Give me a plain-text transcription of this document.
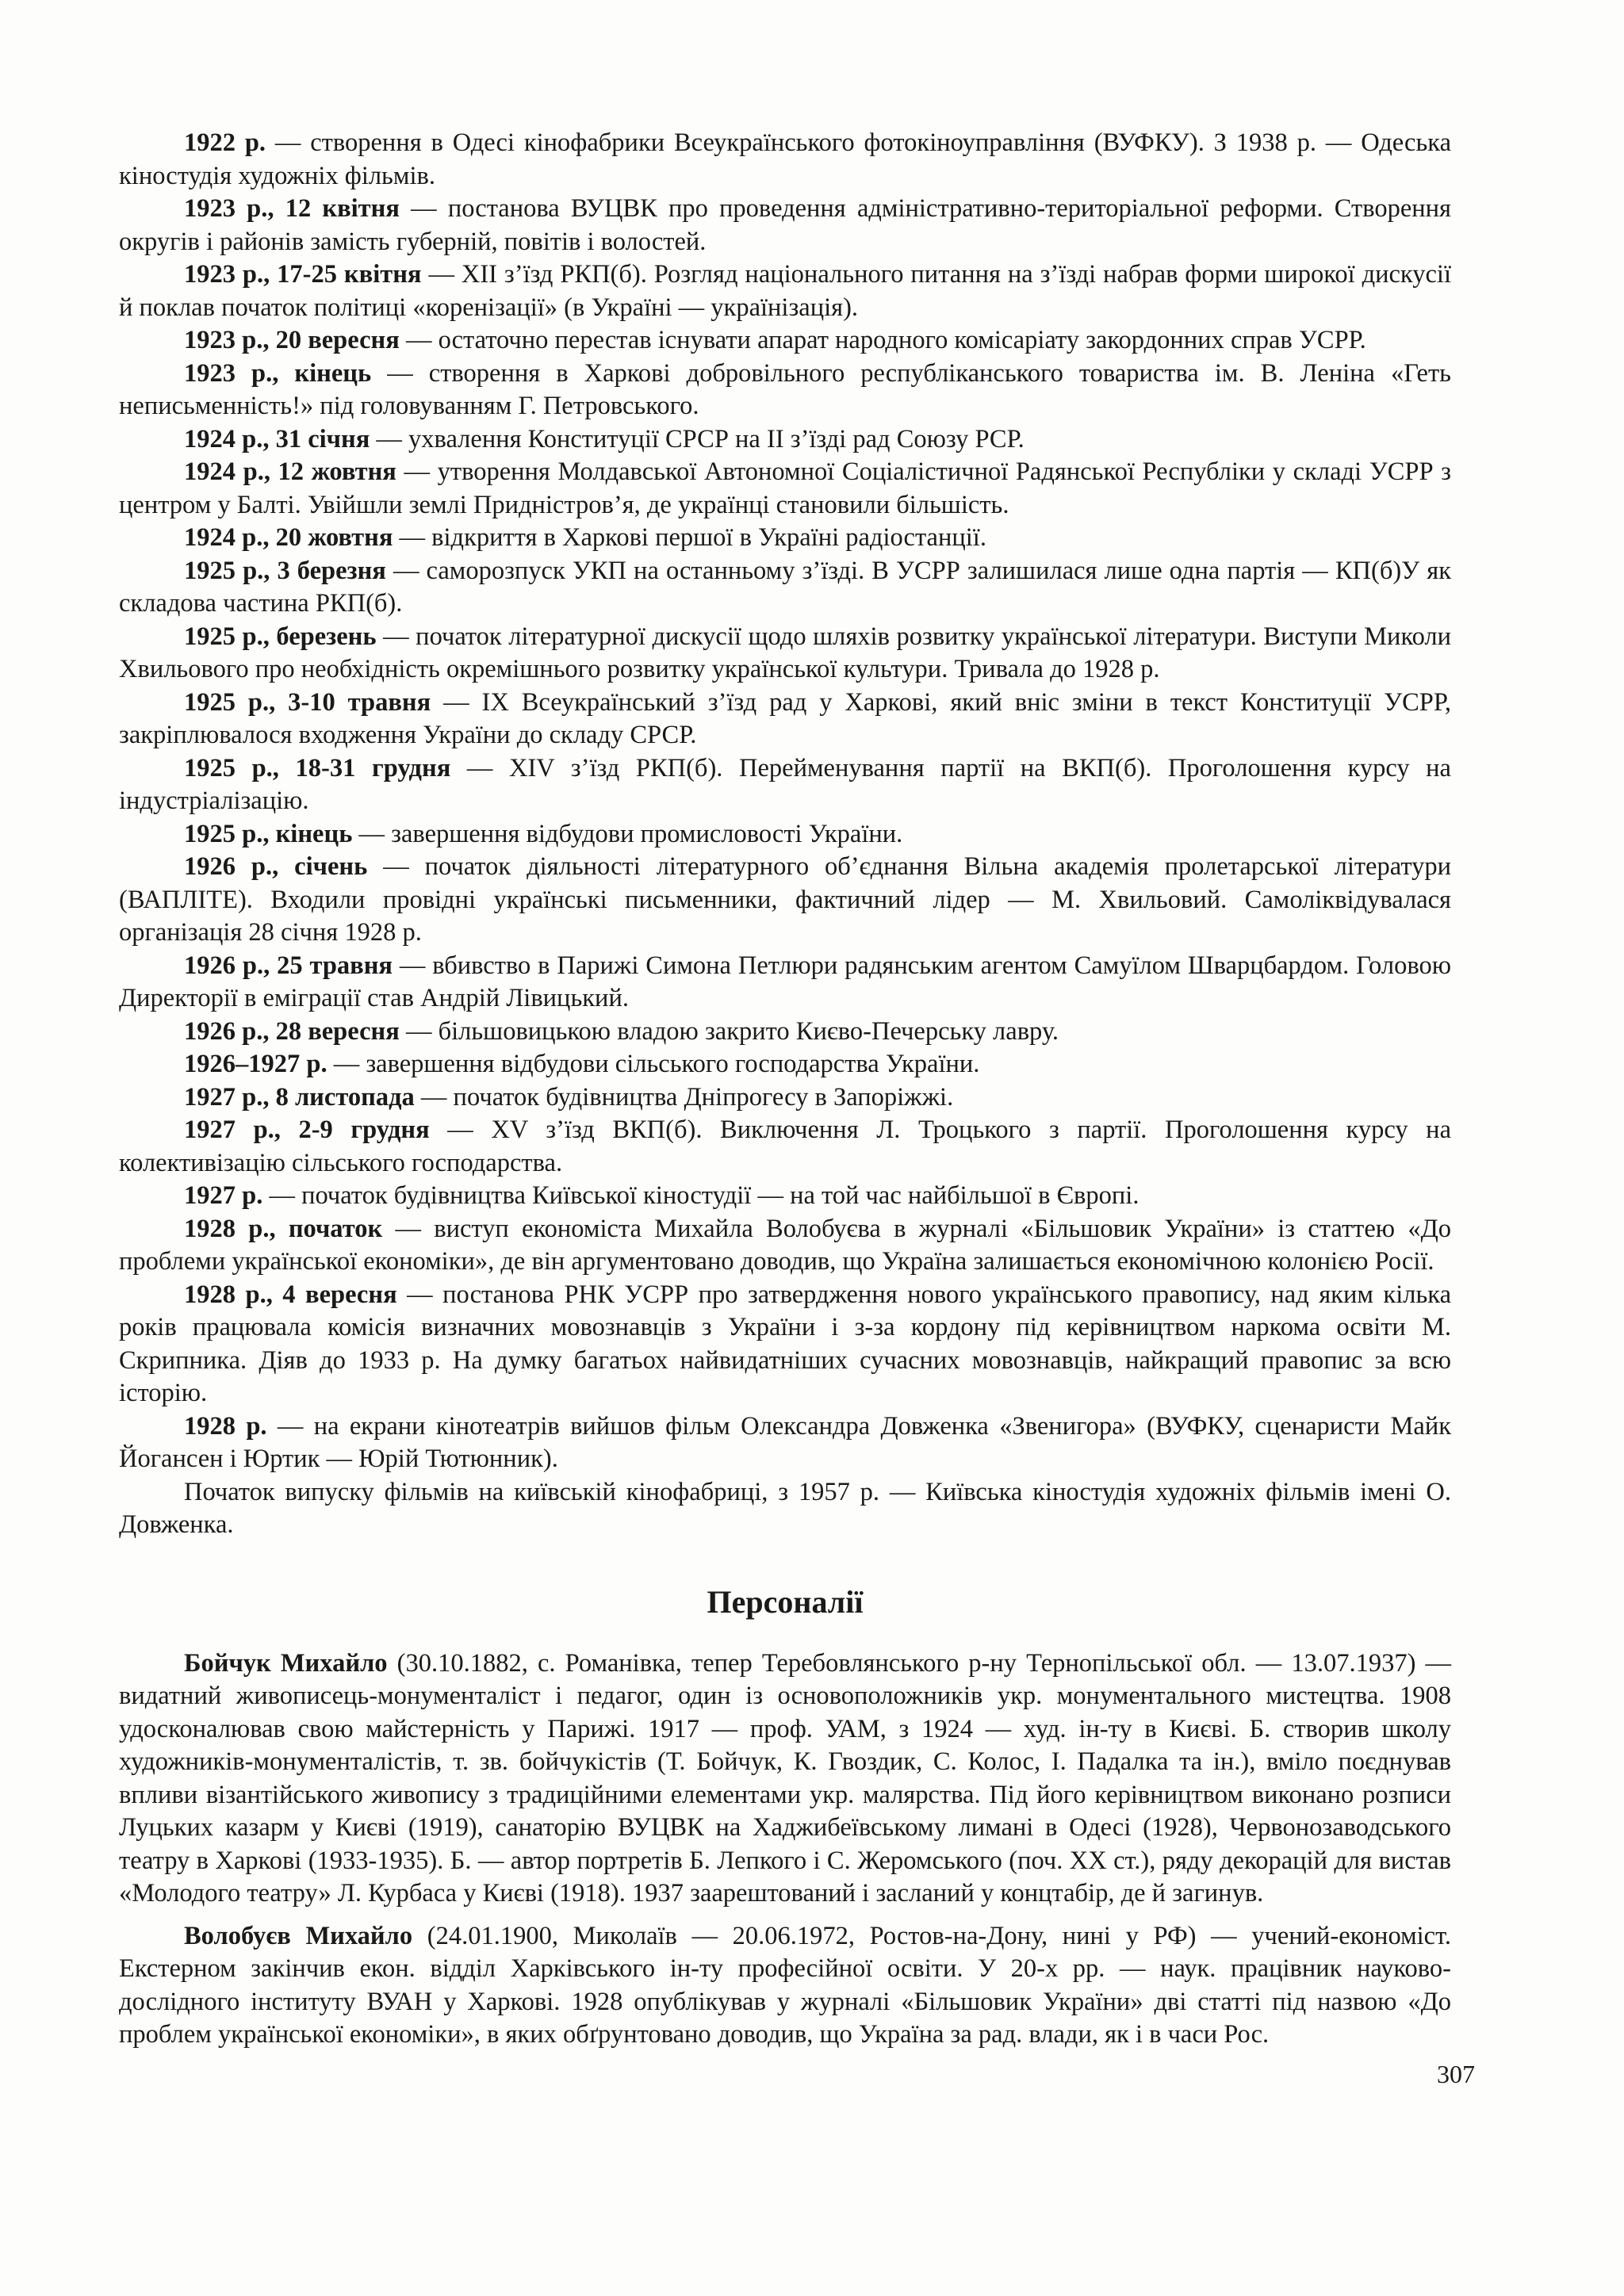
1922 р. — створення в Одесі кінофабрики Всеукраїнського фотокіноуправління (ВУФКУ). З 1938 р. — Одеська кіностудія художніх фільмів.

1923 р., 12 квітня — постанова ВУЦВК про проведення адміністративно-територіальної реформи. Створення округів і районів замість губерній, повітів і волостей.

1923 р., 17-25 квітня — XII з’їзд РКП(б). Розгляд національного питання на з’їзді набрав форми широкої дискусії й поклав початок політиці «коренізації» (в Україні — українізація).

1923 р., 20 вересня — остаточно перестав існувати апарат народного комісаріату закордонних справ УСРР.

1923 р., кінець — створення в Харкові добровільного республіканського товариства ім. В. Леніна «Геть неписьменність!» під головуванням Г. Петровського.

1924 р., 31 січня — ухвалення Конституції СРСР на II з’їзді рад Союзу РСР.

1924 р., 12 жовтня — утворення Молдавської Автономної Соціалістичної Радянської Республіки у складі УСРР з центром у Балті. Увійшли землі Придністров’я, де українці становили більшість.

1924 р., 20 жовтня — відкриття в Харкові першої в Україні радіостанції.

1925 р., 3 березня — саморозпуск УКП на останньому з’їзді. В УСРР залишилася лише одна партія — КП(б)У як складова частина РКП(б).

1925 р., березень — початок літературної дискусії щодо шляхів розвитку української літератури. Виступи Миколи Хвильового про необхідність окремішнього розвитку української культури. Тривала до 1928 р.

1925 р., 3-10 травня — IX Всеукраїнський з’їзд рад у Харкові, який вніс зміни в текст Конституції УСРР, закріплювалося входження України до складу СРСР.

1925 р., 18-31 грудня — XIV з’їзд РКП(б). Перейменування партії на ВКП(б). Проголошення курсу на індустріалізацію.

1925 р., кінець — завершення відбудови промисловості України.

1926 р., січень — початок діяльності літературного об’єднання Вільна академія пролетарської літератури (ВАПЛІТЕ). Входили провідні українські письменники, фактичний лідер — М. Хвильовий. Самоліквідувалася організація 28 січня 1928 р.

1926 р., 25 травня — вбивство в Парижі Симона Петлюри радянським агентом Самуїлом Шварцбардом. Головою Директорії в еміграції став Андрій Лівицький.

1926 р., 28 вересня — більшовицькою владою закрито Києво-Печерську лавру.

1926–1927 р. — завершення відбудови сільського господарства України.

1927 р., 8 листопада — початок будівництва Дніпрогесу в Запоріжжі.

1927 р., 2-9 грудня — XV з’їзд ВКП(б). Виключення Л. Троцького з партії. Проголошення курсу на колективізацію сільського господарства.

1927 р. — початок будівництва Київської кіностудії — на той час найбільшої в Європі.

1928 р., початок — виступ економіста Михайла Волобуєва в журналі «Більшовик України» із статтею «До проблеми української економіки», де він аргументовано доводив, що Україна залишається економічною колонією Росії.

1928 р., 4 вересня — постанова РНК УСРР про затвердження нового українського правопису, над яким кілька років працювала комісія визначних мовознавців з України і з-за кордону під керівництвом наркома освіти М. Скрипника. Діяв до 1933 р. На думку багатьох найвидатніших сучасних мовознавців, найкращий правопис за всю історію.

1928 р. — на екрани кінотеатрів вийшов фільм Олександра Довженка «Звенигора» (ВУФКУ, сценаристи Майк Йогансен і Юртик — Юрій Тютюнник).

Початок випуску фільмів на київській кінофабриці, з 1957 р. — Київська кіностудія художніх фільмів імені О. Довженка.

Персоналії

Бойчук Михайло (30.10.1882, с. Романівка, тепер Теребовлянського р-ну Тернопільської обл. — 13.07.1937) — видатний живописець-монументаліст і педагог, один із основоположників укр. монументального мистецтва. 1908 удосконалював свою майстерність у Парижі. 1917 — проф. УАМ, з 1924 — худ. ін-ту в Києві. Б. створив школу художників-монументалістів, т. зв. бойчукістів (Т. Бойчук, К. Гвоздик, С. Колос, І. Падалка та ін.), вміло поєднував впливи візантійського живопису з традиційними елементами укр. малярства. Під його керівництвом виконано розписи Луцьких казарм у Києві (1919), санаторію ВУЦВК на Хаджибеївському лимані в Одесі (1928), Червонозаводського театру в Харкові (1933-1935). Б. — автор портретів Б. Лепкого і С. Жеромського (поч. XX ст.), ряду декорацій для вистав «Молодого театру» Л. Курбаса у Києві (1918). 1937 заарештований і засланий у концтабір, де й загинув.

Волобуєв Михайло (24.01.1900, Миколаїв — 20.06.1972, Ростов-на-Дону, нині у РФ) — учений-економіст. Екстерном закінчив екон. відділ Харківського ін-ту професійної освіти. У 20-х рр. — наук. працівник науково-дослідного інституту ВУАН у Харкові. 1928 опублікував у журналі «Більшовик України» дві статті під назвою «До проблем української економіки», в яких обґрунтовано доводив, що Україна за рад. влади, як і в часи Рос.

307
